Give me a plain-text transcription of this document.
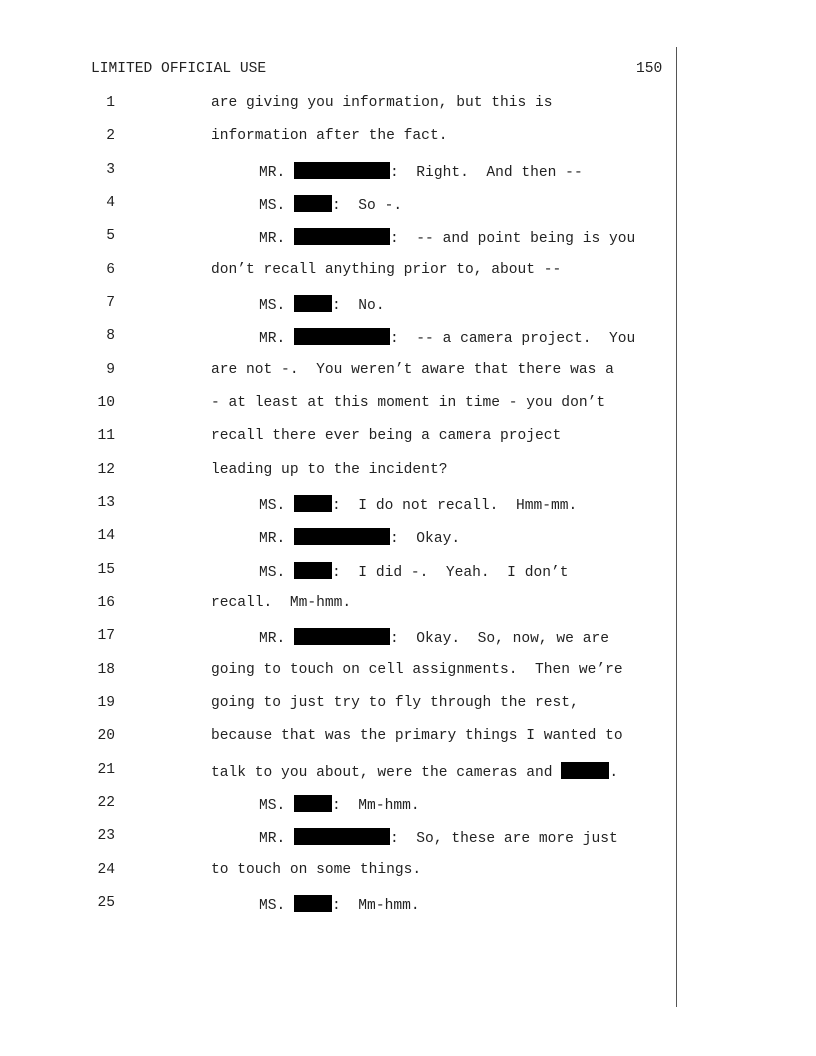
LIMITED OFFICIAL USE	150
1	are giving you information, but this is
2	information after the fact.
3	MR.	:  Right.  And then --
4	MS.	:  So -.
5	MR.	:  -- and point being is you
6	don’t recall anything prior to, about --
7	MS.	:  No.
8	MR.	:  -- a camera project.  You
9	are not -.  You weren’t aware that there was a
10	- at least at this moment in time - you don’t
11	recall there ever being a camera project
12	leading up to the incident?
13	MS.	:  I do not recall.  Hmm-mm.
14	MR.	:  Okay.
15	MS.	:  I did -.  Yeah.  I don’t
16	recall.  Mm-hmm.
17	MR.	:  Okay.  So, now, we are
18	going to touch on cell assignments.  Then we’re
19	going to just try to fly through the rest,
20	because that was the primary things I wanted to
21	talk to you about, were the cameras and	.
22	MS.	:  Mm-hmm.
23	MR.	:  So, these are more just
24	to touch on some things.
25	MS.	:  Mm-hmm.
